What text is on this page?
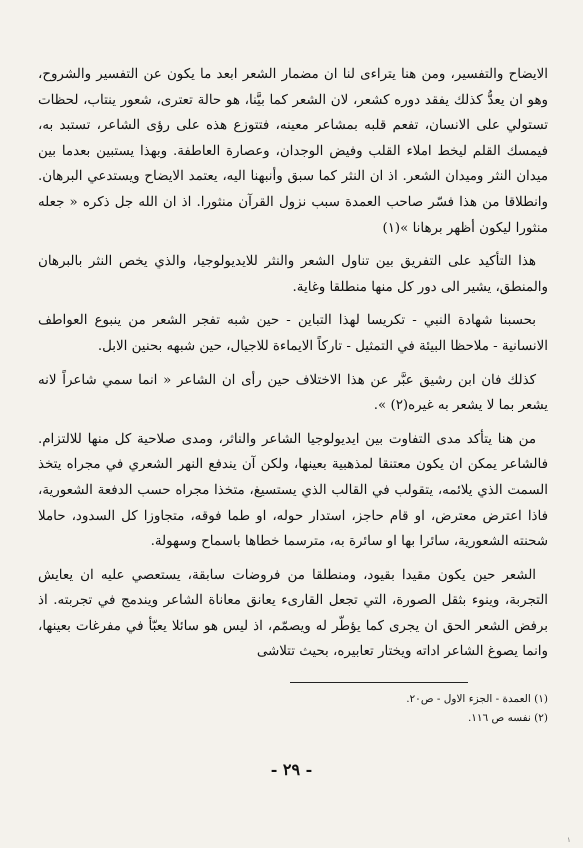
الايضاح والتفسير، ومن هنا يتراءى لنا ان مضمار الشعر ابعد ما يكون عن التفسير والشروح، وهو ان يعدُّ كذلك يفقد دوره كشعر، لان الشعر كما بيَّنا، هو حالة تعترى، شعور ينتاب، لحظات تستولي على الانسان، تفعم قلبه بمشاعر معينه، فتتوزع هذه على رؤى الشاعر، تستبد به، فيمسك القلم ليخط املاء القلب وفيض الوجدان، وعصارة العاطفة. وبهذا يستبين بعدما بين ميدان النثر وميدان الشعر. اذ ان النثر كما سبق وأنبهنا اليه، يعتمد الايضاح ويستدعي البرهان. وانطلاقا من هذا فسّر صاحب العمدة سبب نزول القرآن منثورا. اذ ان الله جل ذكره « جعله منثورا ليكون أظهر برهانا »(١)

هذا التأكيد على التفريق بين تناول الشعر والنثر للايديولوجيا، والذي يخص النثر بالبرهان والمنطق، يشير الى دور كل منها منطلقا وغاية.

بحسبنا شهادة النبي - تكريسا لهذا التباين - حين شبه تفجر الشعر من ينبوع العواطف الانسانية - ملاحظا البيئة في التمثيل - تاركاً الايماءة للاجيال، حين شبهه بحنين الابل.

كذلك فان ابن رشيق عبَّر عن هذا الاختلاف حين رأى ان الشاعر « انما سمي شاعراً لانه يشعر بما لا يشعر به غيره(٢) ».

من هنا يتأكد مدى التفاوت بين ايديولوجيا الشاعر والناثر، ومدى صلاحية كل منها للالتزام. فالشاعر يمكن ان يكون معتنقا لمذهبية بعينها، ولكن آن يندفع النهر الشعري في مجراه يتخذ السمت الذي يلائمه، يتقولب في القالب الذي يستسيغ، متخذا مجراه حسب الدفعة الشعورية، فاذا اعترض معترض، او قام حاجز، استدار حوله، او طما فوقه، متجاوزا كل السدود، حاملا شحنته الشعورية، سائرا بها او سائرة به، مترسما خطاها باسماح وسهولة.

الشعر حين يكون مقيدا بقيود، ومنطلقا من فروضات سابقة، يستعصي عليه ان يعايش التجربة، وينوء بثقل الصورة، التي تجعل القارىء يعانق معاناة الشاعر ويندمج في تجربته. اذ برفض الشعر الحق ان يجرى كما يؤطّر له ويصمّم، اذ ليس هو سائلا يعبّأ في مفرغات بعينها، وانما يصوغ الشاعر اداته ويختار تعابيره، بحيث تتلاشى

(١) العمدة - الجزء الاول - ص٢٠.
(٢) نفسه ص ١١٦.
- ٢٩ -
١
